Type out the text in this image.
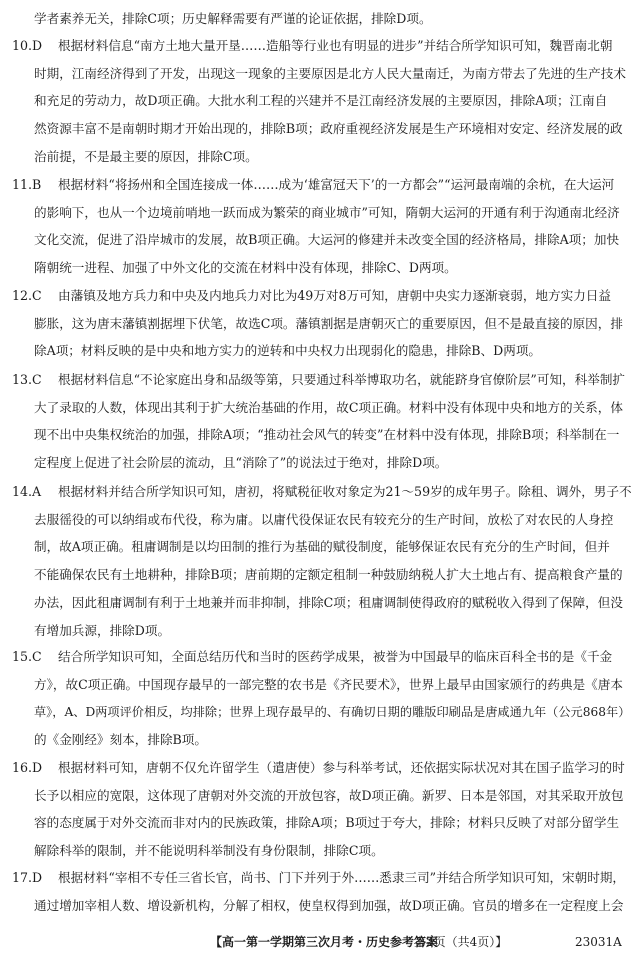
学者素养无关，排除C项；历史解释需要有严谨的论证依据，排除D项。
10.D 根据材料信息“南方土地大量开垦……造船等行业也有明显的进步”并结合所学知识可知，魏晋南北朝
时期，江南经济得到了开发，出现这一现象的主要原因是北方人民大量南迁，为南方带去了先进的生产技术
和充足的劳动力，故D项正确。大批水利工程的兴建并不是江南经济发展的主要原因，排除A项；江南自
然资源丰富不是南朝时期才开始出现的，排除B项；政府重视经济发展是生产环境相对安定、经济发展的政
治前提，不是最主要的原因，排除C项。
11.B 根据材料“将扬州和全国连接成一体……成为‘雄富冠天下’的一方都会”“运河最南端的余杭，在大运河
的影响下，也从一个边境前哨地一跃而成为繁荣的商业城市”可知，隋朝大运河的开通有利于沟通南北经济
文化交流，促进了沿岸城市的发展，故B项正确。大运河的修建并未改变全国的经济格局，排除A项；加快
隋朝统一进程、加强了中外文化的交流在材料中没有体现，排除C、D两项。
12.C 由藩镇及地方兵力和中央及内地兵力对比为49万对8万可知，唐朝中央实力逐渐衰弱，地方实力日益
膨胀，这为唐末藩镇割据埋下伏笔，故选C项。藩镇割据是唐朝灭亡的重要原因，但不是最直接的原因，排
除A项；材料反映的是中央和地方实力的逆转和中央权力出现弱化的隐患，排除B、D两项。
13.C 根据材料信息“不论家庭出身和品级等第，只要通过科举博取功名，就能跻身官僚阶层”可知，科举制扩
大了录取的人数，体现出其利于扩大统治基础的作用，故C项正确。材料中没有体现中央和地方的关系，体
现不出中央集权统治的加强，排除A项；“推动社会风气的转变”在材料中没有体现，排除B项；科举制在一
定程度上促进了社会阶层的流动，且“消除了”的说法过于绝对，排除D项。
14.A 根据材料并结合所学知识可知，唐初，将赋税征收对象定为21～59岁的成年男子。除租、调外，男子不
去服徭役的可以纳绢或布代役，称为庸。以庸代役保证农民有较充分的生产时间，放松了对农民的人身控
制，故A项正确。租庸调制是以均田制的推行为基础的赋役制度，能够保证农民有充分的生产时间，但并
不能确保农民有土地耕种，排除B项；唐前期的定额定租制一种鼓励纳税人扩大土地占有、提高粮食产量的
办法，因此租庸调制有利于土地兼并而非抑制，排除C项；租庸调制使得政府的赋税收入得到了保障，但没
有增加兵源，排除D项。
15.C 结合所学知识可知，全面总结历代和当时的医药学成果，被誉为中国最早的临床百科全书的是《千金
方》，故C项正确。中国现存最早的一部完整的农书是《齐民要术》，世界上最早由国家颁行的药典是《唐本
草》，A、D两项评价相反，均排除；世界上现存最早的、有确切日期的雕版印刷品是唐咸通九年（公元868年）
的《金刚经》刻本，排除B项。
16.D 根据材料可知，唐朝不仅允许留学生（遣唐使）参与科举考试，还依据实际状况对其在国子监学习的时
长予以相应的宽限，这体现了唐朝对外交流的开放包容，故D项正确。新罗、日本是邻国，对其采取开放包
容的态度属于对外交流而非对内的民族政策，排除A项；B项过于夸大，排除；材料只反映了对部分留学生
解除科举的限制，并不能说明科举制没有身份限制，排除C项。
17.D 根据材料“宰相不专任三省长官，尚书、门下并列于外……悉隶三司”并结合所学知识可知，宋朝时期，
通过增加宰相人数、增设新机构，分解了相权，使皇权得到加强，故D项正确。官员的增多在一定程度上会
【高一第一学期第三次月考・历史参考答案
第2页（共4页）】	23031A
